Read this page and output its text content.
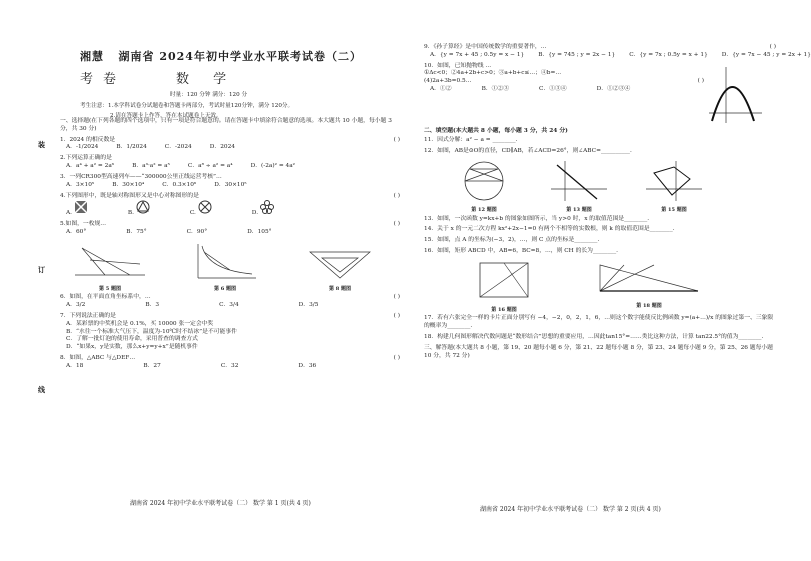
装
订
线
湘慧 湖南省 2024年初中学业水平联考试卷（二）
考卷	数 学
时量：120 分钟 满分：120 分
考生注意：1.本学科试卷分试题卷和答题卡两部分，考试时量120分钟，满分 120分。
2.请在答题卡上作答，答在本试题卷上无效。
一、选择题(在下列各题的四个选项中，只有一项是符合题意的。请在答题卡中填涂符合题意的选项。本大题共 10 小题，每小题 3 分，共 30 分)
1．2024 的相反数是	( )
A．-1/2024	B．1/2024	C．-2024	D．2024
2.下列运算正确的是
A．a⁴ + a² = 2a⁶	B．a³·a² = a⁵	C．a⁸ ÷ a² = a⁴	D．(-2a)² = 4a²
3．一列CR300型高速列车——“300000公里正线运营考核”…
A．3×10⁵	B．30×10⁴	C．0.3×10⁶	D．30×10⁵
4.下列图形中，既是轴对称图形又是中心对称图形的是	( )
A.	B.	C.	D.
5.如图，一枚规…	( )
A．60°	B．75°	C．90°	D．105°
第 5 题图	第 6 题图	第 8 题图
6．如图，在平面直角坐标系中，…	( )
A．3/2	B．3	C．3/4	D．3/5
7．下列说法正确的是	( )
A．某彩票的中奖机会是 0.1%，买 10000 张一定会中奖
B．“水往一个标准大气压下，温度为-10℃时不结冰”是不可能事件
C．了解一批灯泡的使用寿命，采用普查的调查方式
D．“如果x，y是实数，那么x+y=y+x”是随机事件
8．如图，△ABC 与△DEF…	( )
A．18	B．27	C．32	D．36
9．《孙子算经》是中国传统数学的重要著作，…	( )
A．{y = 7x + 45 ; 0.5y = x − 1} B．{y = 745 ; y = 2x − 1} C．{y = 7x ; 0.5y = x + 1} D．{y = 7x − 45 ; y = 2x + 1}
10．如图，已知抛物线 …
①Δc<0；②4a+2b+c>0；③a+b+c≤…；④b=…
(4)2a+3b=0.5…	( )
A．①②	B．①②③	C．①③④	D．①②③④
二、填空题(本大题共 8 小题，每小题 3 分，共 24 分)
11．因式分解：a² − a = ________.
12．如图，AB是⊙O的直径，CD∥AB，若∠ACD=26°，则∠ABC=__________.
第 12 题图	第 13 题图	第 15 题图
13．如图，一次函数 y=kx+b 的图象如图所示，当 y>0 时，x 的取值范围是________.
14．关于 x 的一元二次方程 kx²+2x−1=0 有两个不相等的实数根，则 k 的取值范围是________.
15．如图，点 A 的坐标为(−3，2)，…，则 C 点的坐标是________.
16．如图，矩形 ABCD 中，AB=6，BC=8，…，则 CH 的长为________.
第 16 题图
第 18 题图
17．若有六张完全一样的卡片正面分别写有 −4，−2，0，2，1，6，…则这个数字能使反比例函数 y=(a+…)/x 的图象过第一、三象限的概率为________.
18．构建几何图形解决代数问题是“数形结合”思想的重要应用，…因此tan15°=……类比这种方法，计算 tan22.5°的值为________.
三、解答题(本大题共 8 小题，第 19、20 题每小题 6 分，第 21、22 题每小题 8 分，第 23、24 题每小题 9 分，第 25、26 题每小题 10 分，共 72 分)
湖南省 2024 年初中学业水平联考试卷（二） 数学 第 1 页(共 4 页)
湖南省 2024 年初中学业水平联考试卷（二） 数学 第 2 页(共 4 页)
